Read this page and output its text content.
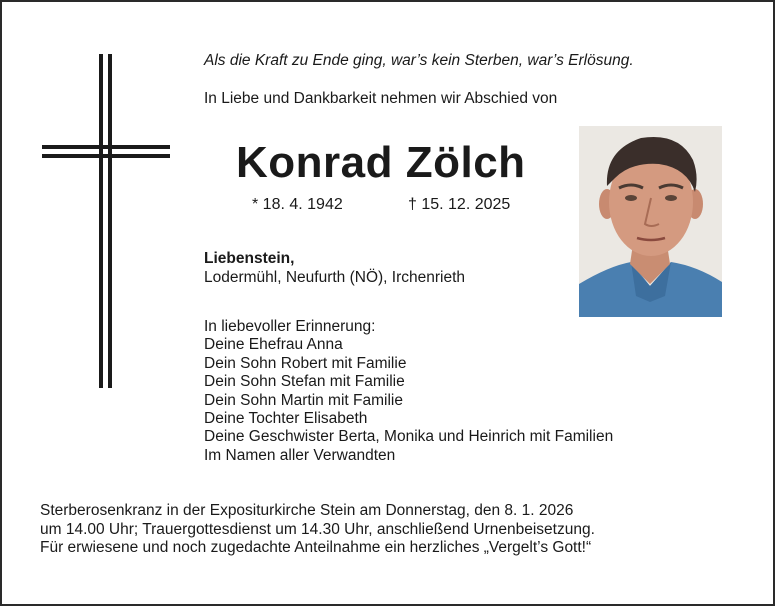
Als die Kraft zu Ende ging, war’s kein Sterben, war’s Erlösung.
In Liebe und Dankbarkeit nehmen wir Abschied von
Konrad Zölch
* 18. 4. 1942	† 15. 12. 2025
Liebenstein,
Lodermühl, Neufurth (NÖ), Irchenrieth
In liebevoller Erinnerung:
Deine Ehefrau Anna
Dein Sohn Robert mit Familie
Dein Sohn Stefan mit Familie
Dein Sohn Martin mit Familie
Deine Tochter Elisabeth
Deine Geschwister Berta, Monika und Heinrich mit Familien
Im Namen aller Verwandten
Sterberosenkranz in der Expositurkirche Stein am Donnerstag, den 8. 1. 2026
um 14.00 Uhr; Trauergottesdienst um 14.30 Uhr, anschließend Urnenbeisetzung.
Für erwiesene und noch zugedachte Anteilnahme ein herzliches „Vergelt’s Gott!“
